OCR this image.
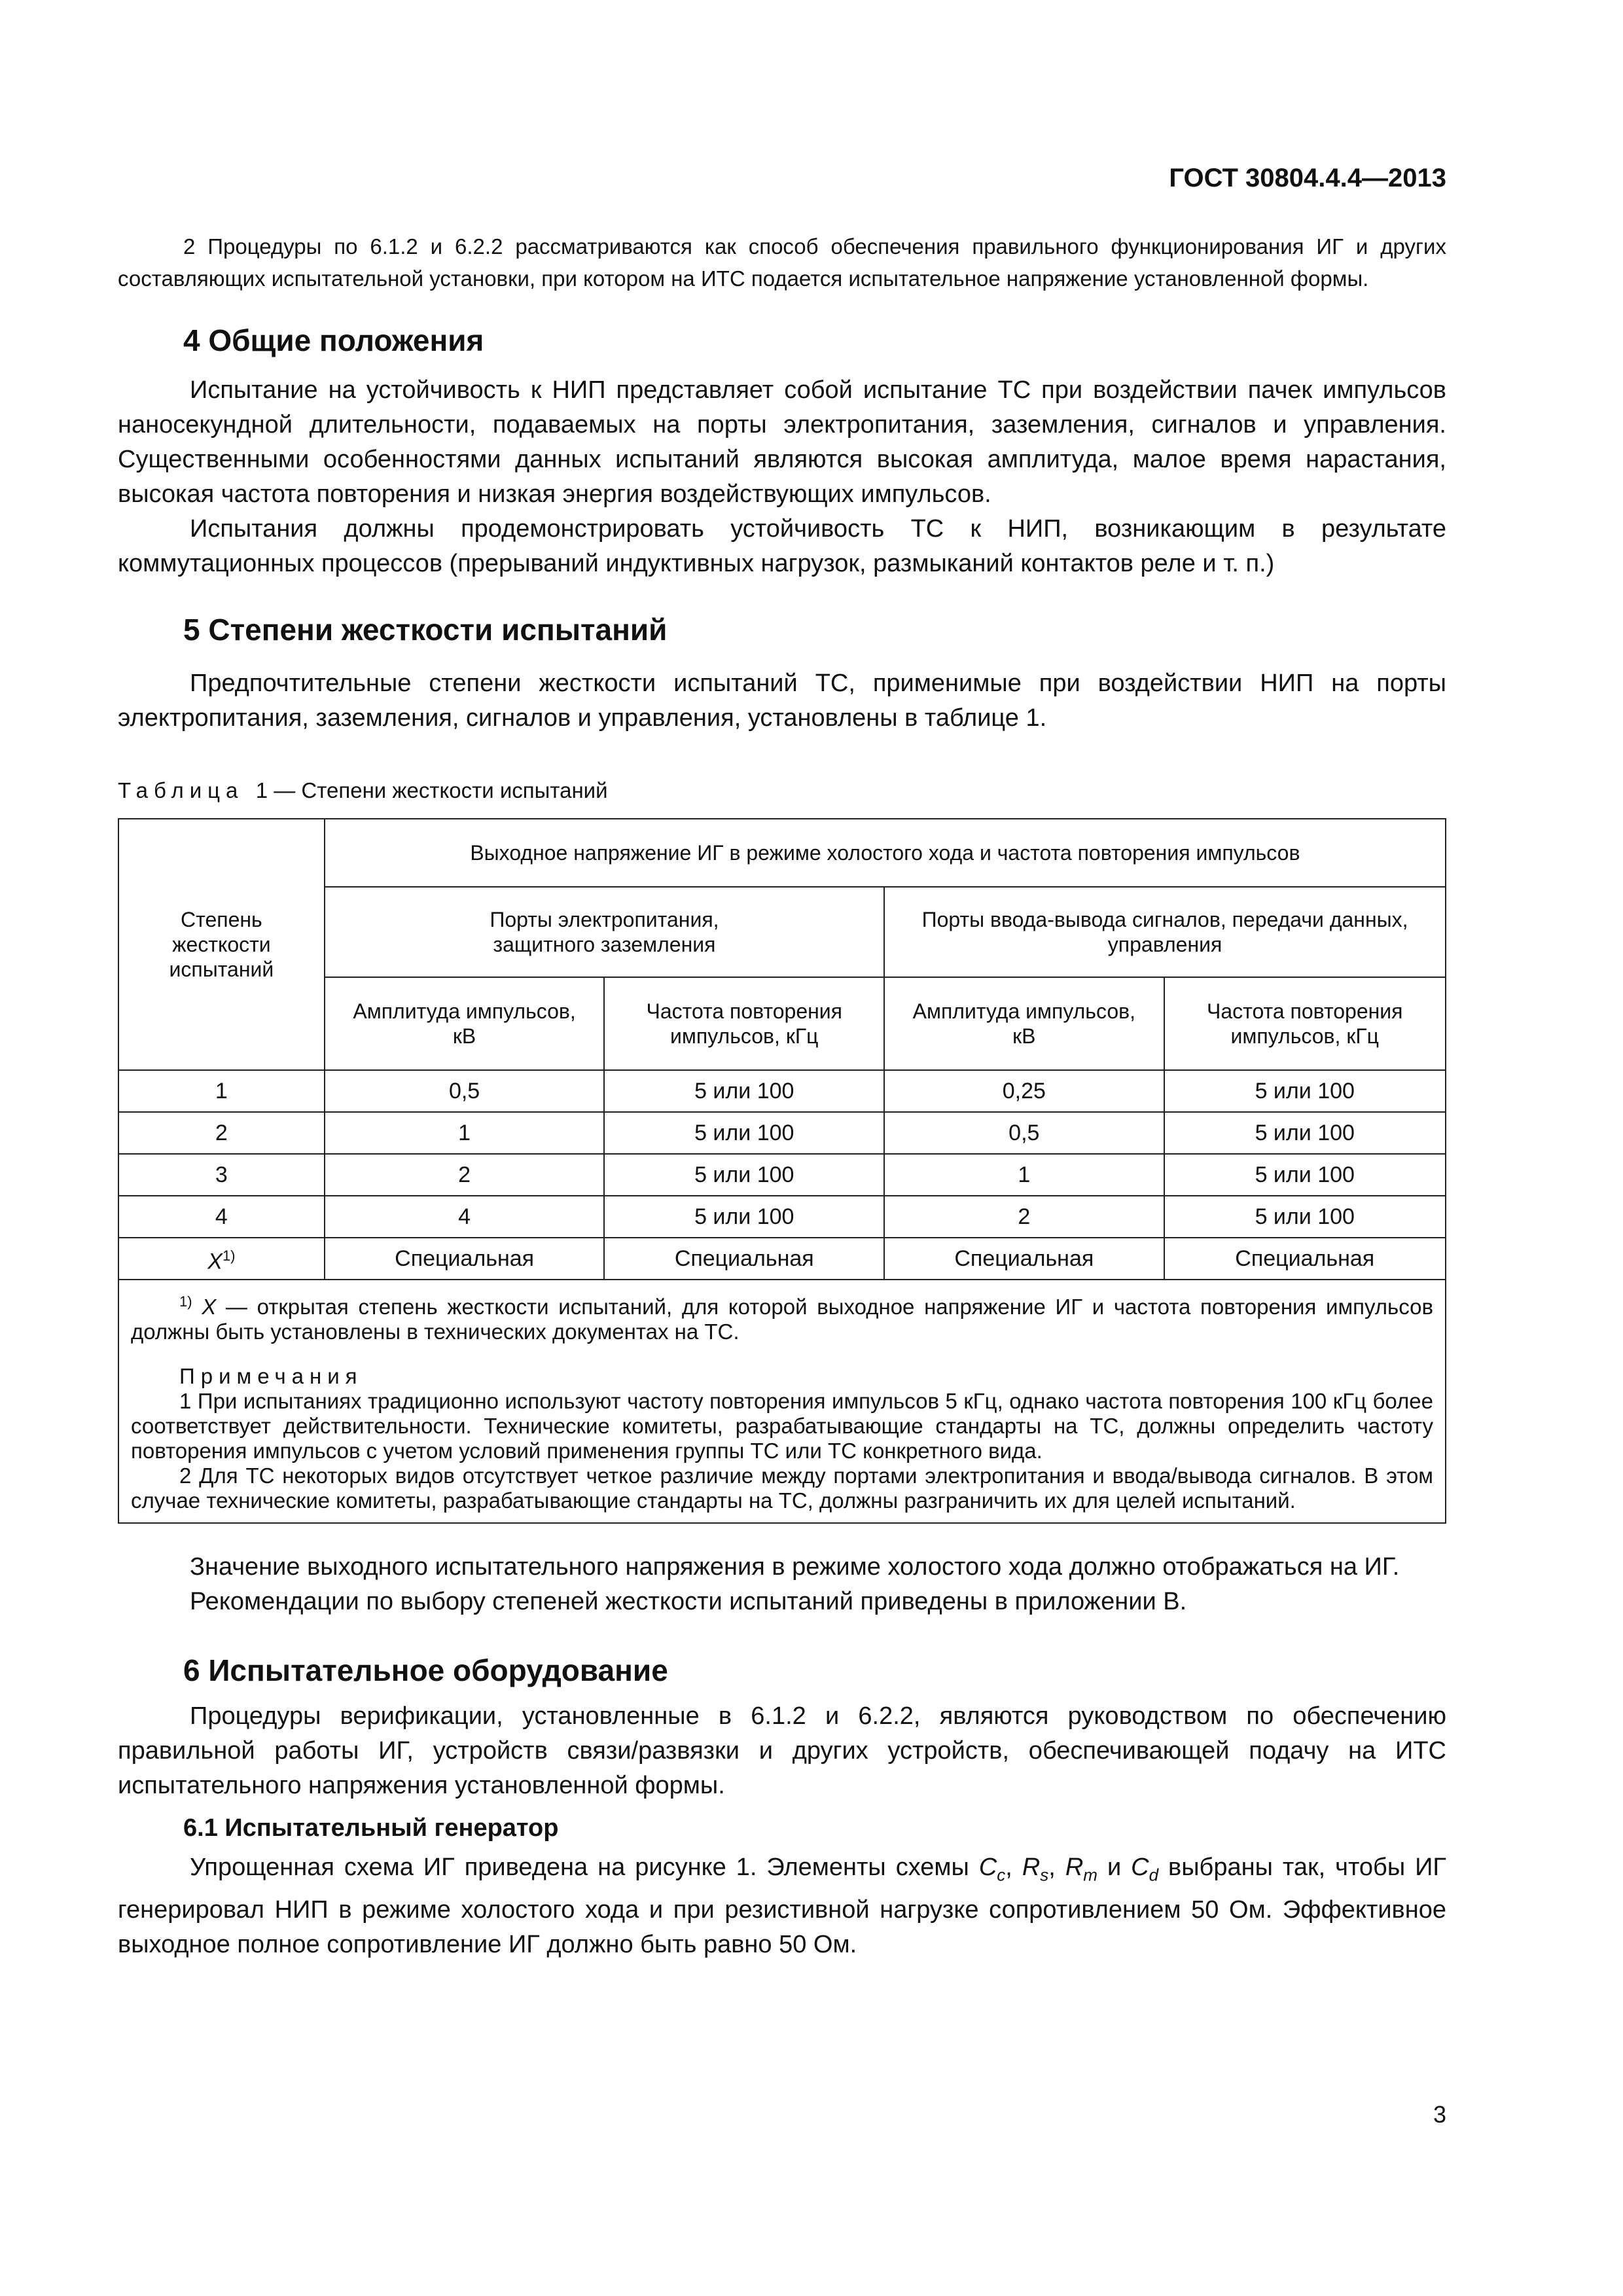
ГОСТ 30804.4.4—2013

2 Процедуры по 6.1.2 и 6.2.2 рассматриваются как способ обеспечения правильного функционирования ИГ и других составляющих испытательной установки, при котором на ИТС подается испытательное напряжение установленной формы.

4 Общие положения

Испытание на устойчивость к НИП представляет собой испытание ТС при воздействии пачек импульсов наносекундной длительности, подаваемых на порты электропитания, заземления, сигналов и управления. Существенными особенностями данных испытаний являются высокая амплитуда, малое время нарастания, высокая частота повторения и низкая энергия воздействующих импульсов.

Испытания должны продемонстрировать устойчивость ТС к НИП, возникающим в результате коммутационных процессов (прерываний индуктивных нагрузок, размыканий контактов реле и т. п.)

5 Степени жесткости испытаний

Предпочтительные степени жесткости испытаний ТС, применимые при воздействии НИП на порты электропитания, заземления, сигналов и управления, установлены в таблице 1.

Таблица 1 — Степени жесткости испытаний
Степень жесткости испытаний	Выходное напряжение ИГ в режиме холостого хода и частота повторения импульсов			
	Порты электропитания, защитного заземления		Порты ввода-вывода сигналов, передачи данных, управления	
	Амплитуда импульсов, кВ	Частота повторения импульсов, кГц	Амплитуда импульсов, кВ	Частота повторения импульсов, кГц
1	0,5	5 или 100	0,25	5 или 100
2	1	5 или 100	0,5	5 или 100
3	2	5 или 100	1	5 или 100
4	4	5 или 100	2	5 или 100
X$^{1)}$	Специальная	Специальная	Специальная	Специальная

$^{1)}$ X — открытая степень жесткости испытаний, для которой выходное напряжение ИГ и частота повторения импульсов должны быть установлены в технических документах на ТС.

Примечания

1 При испытаниях традиционно используют частоту повторения импульсов 5 кГц, однако частота повторения 100 кГц более соответствует действительности. Технические комитеты, разрабатывающие стандарты на ТС, должны определить частоту повторения импульсов с учетом условий применения группы ТС или ТС конкретного вида.

2 Для ТС некоторых видов отсутствует четкое различие между портами электропитания и ввода/вывода сигналов. В этом случае технические комитеты, разрабатывающие стандарты на ТС, должны разграничить их для целей испытаний.				

Значение выходного испытательного напряжения в режиме холостого хода должно отображаться на ИГ.

Рекомендации по выбору степеней жесткости испытаний приведены в приложении В.

6 Испытательное оборудование

Процедуры верификации, установленные в 6.1.2 и 6.2.2, являются руководством по обеспечению правильной работы ИГ, устройств связи/развязки и других устройств, обеспечивающей подачу на ИТС испытательного напряжения установленной формы.

6.1 Испытательный генератор

Упрощенная схема ИГ приведена на рисунке 1. Элементы схемы $C_c$, $R_s$, $R_m$ и $C_d$ выбраны так, чтобы ИГ генерировал НИП в режиме холостого хода и при резистивной нагрузке сопротивлением 50 Ом. Эффективное выходное полное сопротивление ИГ должно быть равно 50 Ом.

3
